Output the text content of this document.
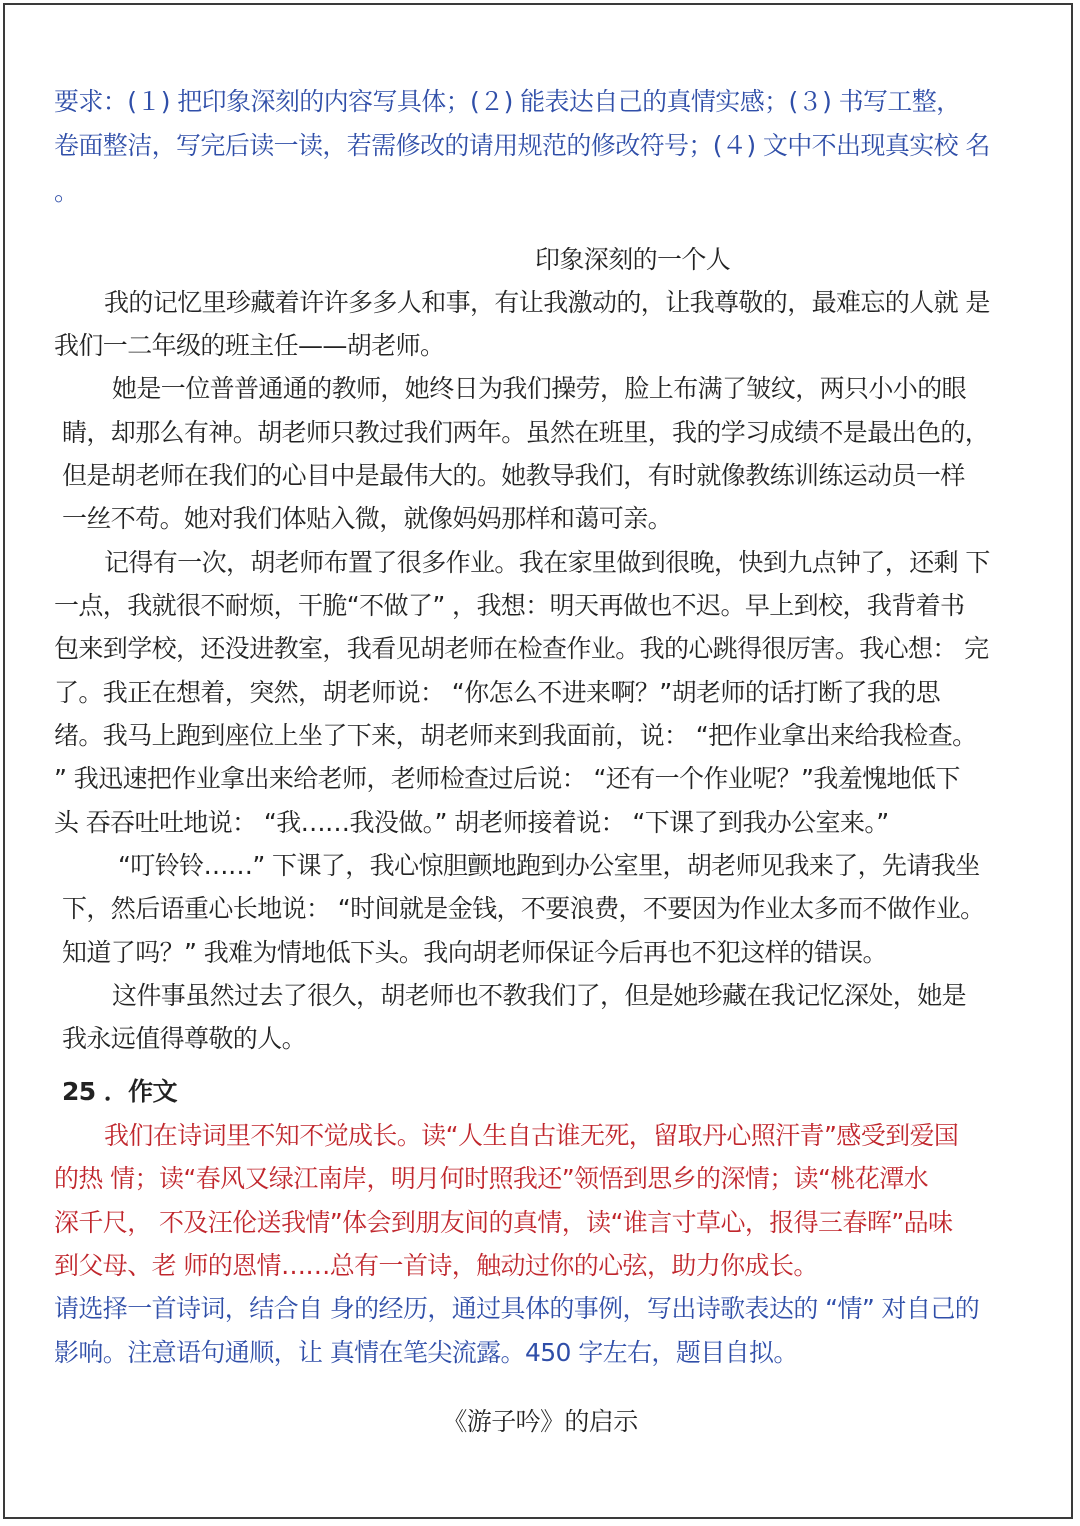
要求：(１) 把印象深刻的内容写具体；(２) 能表达自己的真情实感；(３) 书写工整，
卷面整洁，写完后读一读，若需修改的请用规范的修改符号；(４) 文中不出现真实校 名
。
印象深刻的一个人
我的记忆里珍藏着许许多多人和事，有让我激动的，让我尊敬的，最难忘的人就 是
我们一二年级的班主任——胡老师。
她是一位普普通通的教师，她终日为我们操劳，脸上布满了皱纹，两只小小的眼
睛，却那么有神。胡老师只教过我们两年。虽然在班里，我的学习成绩不是最出色的，
但是胡老师在我们的心目中是最伟大的。她教导我们，有时就像教练训练运动员一样
一丝不苟。她对我们体贴入微，就像妈妈那样和蔼可亲。
记得有一次，胡老师布置了很多作业。我在家里做到很晚，快到九点钟了，还剩 下
一点，我就很不耐烦，干脆“不做了” ，我想：明天再做也不迟。早上到校，我背着书
包来到学校，还没进教室，我看见胡老师在检查作业。我的心跳得很厉害。我心想： 完
了。我正在想着，突然，胡老师说： “你怎么不进来啊？”胡老师的话打断了我的思
绪。我马上跑到座位上坐了下来，胡老师来到我面前，说： “把作业拿出来给我检查。
” 我迅速把作业拿出来给老师，老师检查过后说： “还有一个作业呢？”我羞愧地低下
头 吞吞吐吐地说： “我……我没做。” 胡老师接着说： “下课了到我办公室来。”
“叮铃铃……” 下课了，我心惊胆颤地跑到办公室里，胡老师见我来了，先请我坐
下，然后语重心长地说： “时间就是金钱，不要浪费，不要因为作业太多而不做作业。
知道了吗？” 我难为情地低下头。我向胡老师保证今后再也不犯这样的错误。
这件事虽然过去了很久，胡老师也不教我们了，但是她珍藏在我记忆深处，她是
我永远值得尊敬的人。
25 ．作文
我们在诗词里不知不觉成长。读“人生自古谁无死，留取丹心照汗青”感受到爱国
的热 情；读“春风又绿江南岸，明月何时照我还”领悟到思乡的深情；读“桃花潭水
深千尺， 不及汪伦送我情”体会到朋友间的真情，读“谁言寸草心，报得三春晖”品味
到父母、老 师的恩情……总有一首诗，触动过你的心弦，助力你成长。
请选择一首诗词，结合自 身的经历，通过具体的事例，写出诗歌表达的 “情” 对自己的
影响。注意语句通顺，让 真情在笔尖流露。450 字左右，题目自拟。
《游子吟》的启示
